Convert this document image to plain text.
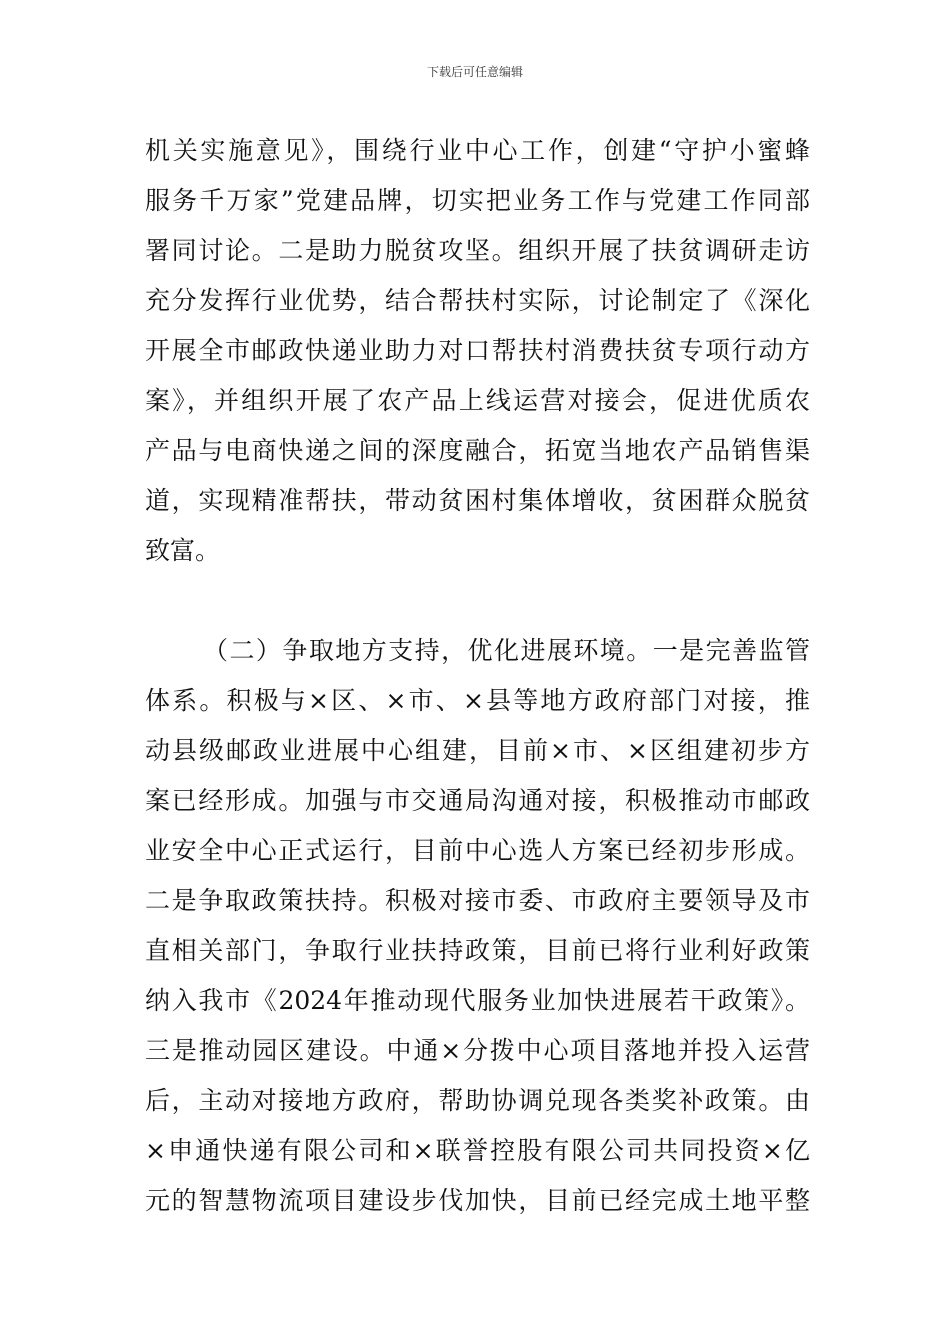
下载后可任意编辑
机关实施意见》，围绕行业中心工作，创建“守护小蜜蜂
服务千万家”党建品牌，切实把业务工作与党建工作同部
署同讨论。二是助力脱贫攻坚。组织开展了扶贫调研走访
充分发挥行业优势，结合帮扶村实际，讨论制定了《深化
开展全市邮政快递业助力对口帮扶村消费扶贫专项行动方
案》，并组织开展了农产品上线运营对接会，促进优质农
产品与电商快递之间的深度融合，拓宽当地农产品销售渠
道，实现精准帮扶，带动贫困村集体增收，贫困群众脱贫
致富。
（二）争取地方支持，优化进展环境。一是完善监管
体系。积极与×区、×市、×县等地方政府部门对接，推
动县级邮政业进展中心组建，目前×市、×区组建初步方
案已经形成。加强与市交通局沟通对接，积极推动市邮政
业安全中心正式运行，目前中心选人方案已经初步形成。
二是争取政策扶持。积极对接市委、市政府主要领导及市
直相关部门，争取行业扶持政策，目前已将行业利好政策
纳入我市《2024年推动现代服务业加快进展若干政策》。
三是推动园区建设。中通×分拨中心项目落地并投入运营
后，主动对接地方政府，帮助协调兑现各类奖补政策。由
×申通快递有限公司和×联誉控股有限公司共同投资×亿
元的智慧物流项目建设步伐加快，目前已经完成土地平整
